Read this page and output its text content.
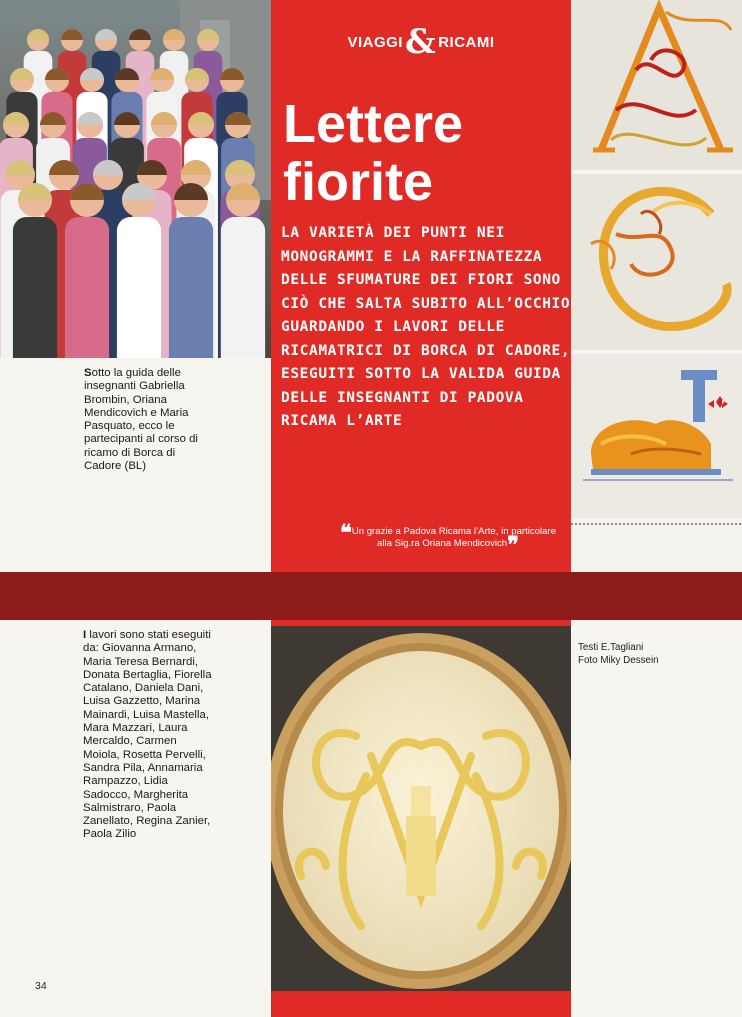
VIAGGI& RICAMI
Lettere
fiorite
LA VARIETÀ DEI PUNTI NEI MONOGRAMMI E LA RAFFINATEZZA DELLE SFUMATURE DEI FIORI SONO CIÒ CHE SALTA SUBITO ALL’OCCHIO GUARDANDO I LAVORI DELLE RICAMATRICI DI BORCA DI CADORE, ESEGUITI SOTTO LA VALIDA GUIDA DELLE INSEGNANTI DI PADOVA RICAMA L’ARTE
❝Un grazie a Padova Ricama l’Arte, in particolare alla Sig.ra Oriana Mendicovich❞
Sotto la guida delle insegnanti Gabriella Brombin, Oriana Mendicovich e Maria Pasquato, ecco le partecipanti al corso di ricamo di Borca di Cadore (BL)
I lavori sono stati eseguiti da: Giovanna Armano, Maria Teresa Bernardi, Donata Bertaglia, Fiorella Catalano, Daniela Dani, Luisa Gazzetto, Marina Mainardi, Luisa Mastella, Mara Mazzari, Laura Mercaldo, Carmen Moiola, Rosetta Pervelli, Sandra Pila, Annamaria Rampazzo, Lidia Sadocco, Margherita Salmistraro, Paola Zanellato, Regina Zanier, Paola Zilio
Testi E.Tagliani
Foto Miky Dessein
34
